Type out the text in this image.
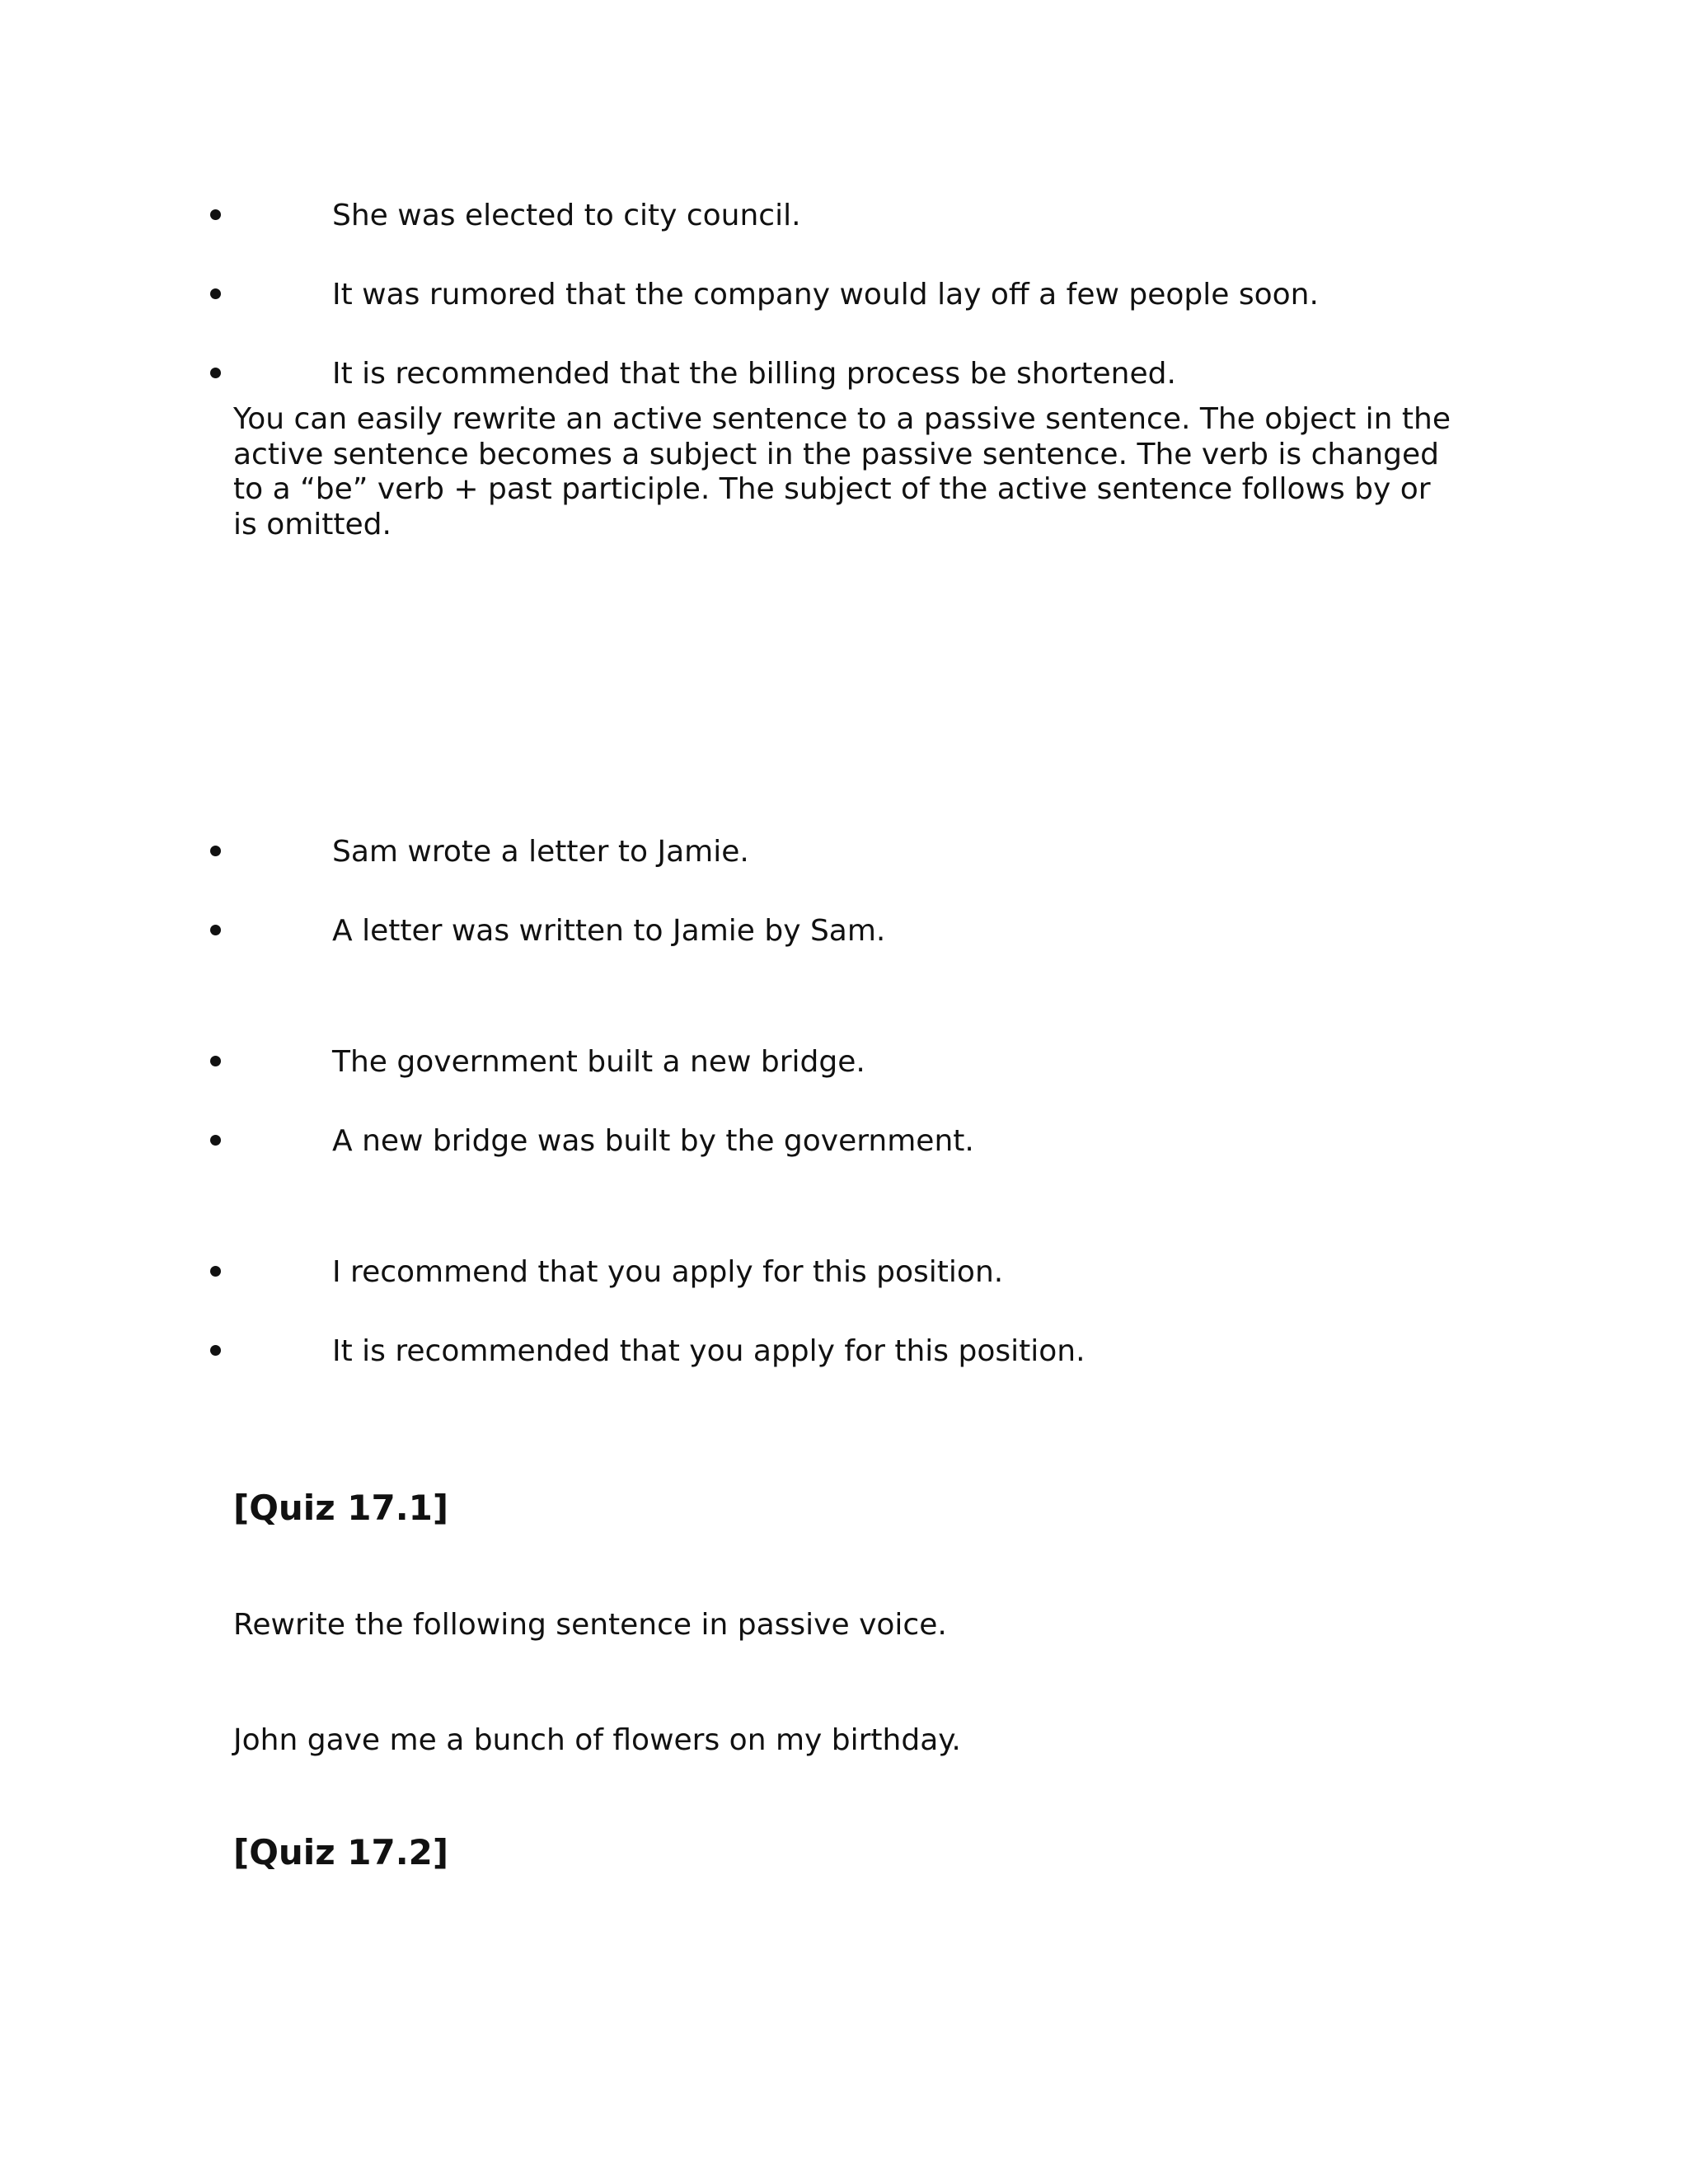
She was elected to city council.
It was rumored that the company would lay off a few people soon.
It is recommended that the billing process be shortened.
You can easily rewrite an active sentence to a passive sentence. The object in the active sentence becomes a subject in the passive sentence. The verb is changed to a “be” verb + past participle. The subject of the active sentence follows by or is omitted.
Sam wrote a letter to Jamie.
A letter was written to Jamie by Sam.
The government built a new bridge.
A new bridge was built by the government.
I recommend that you apply for this position.
It is recommended that you apply for this position.
[Quiz 17.1]
Rewrite the following sentence in passive voice.
John gave me a bunch of flowers on my birthday.
[Quiz 17.2]
